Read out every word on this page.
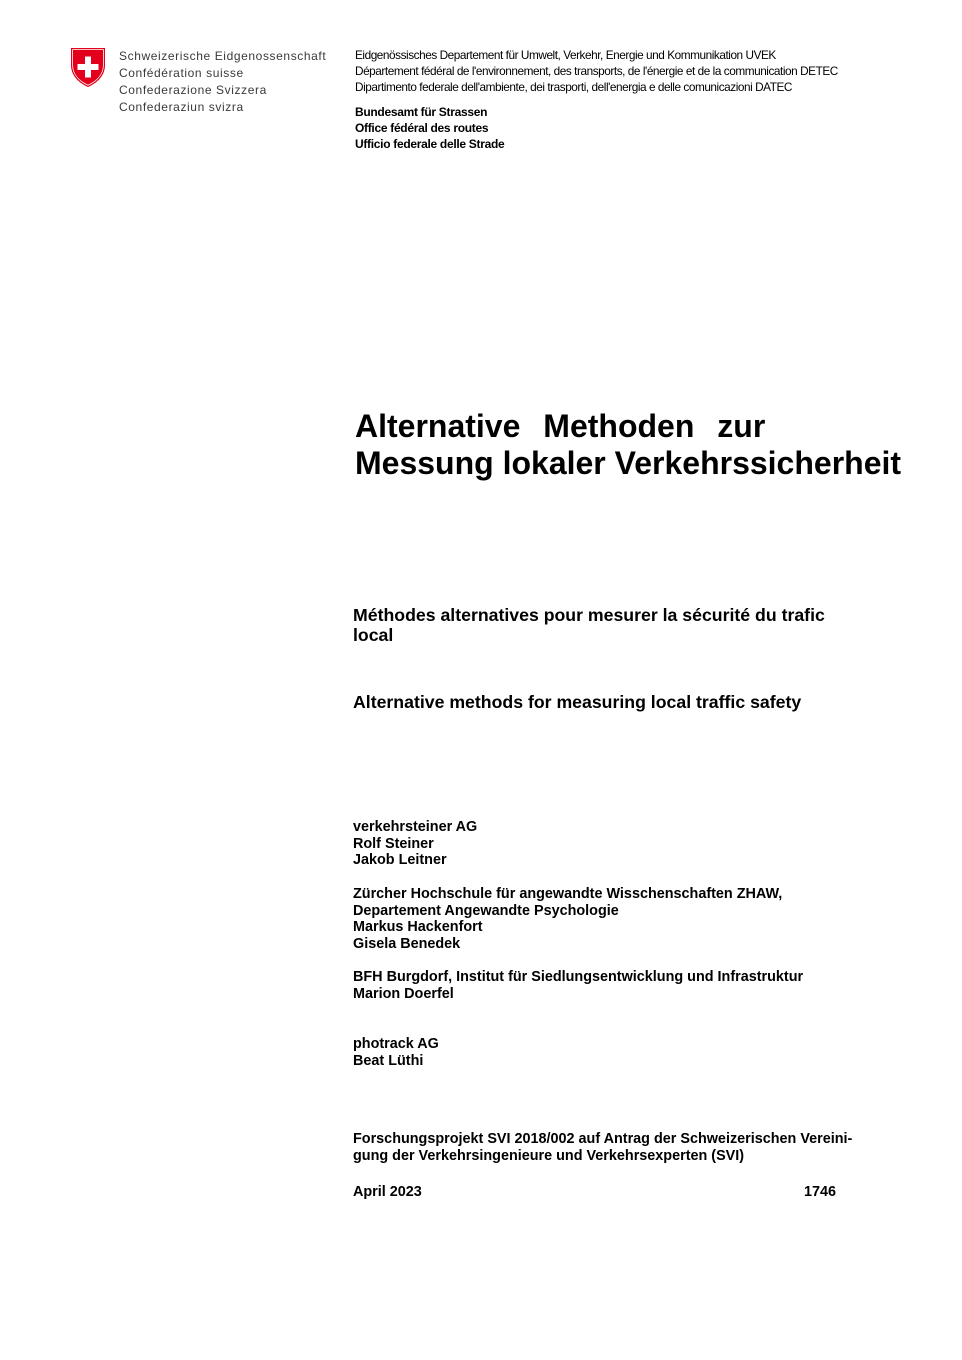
Schweizerische Eidgenossenschaft
Confédération suisse
Confederazione Svizzera
Confederaziun svizra
Eidgenössisches Departement für Umwelt, Verkehr, Energie und Kommunikation UVEK
Département fédéral de l'environnement, des transports, de l'énergie et de la communication DETEC
Dipartimento federale dell'ambiente, dei trasporti, dell'energia e delle comunicazioni DATEC
Bundesamt für Strassen
Office fédéral des routes
Ufficio federale delle Strade
Alternative Methoden zur
Messung lokaler Verkehrssicherheit
Méthodes alternatives pour mesurer la sécurité du trafic
local
Alternative methods for measuring local traffic safety
verkehrsteiner AG
Rolf Steiner
Jakob Leitner
Zürcher Hochschule für angewandte Wisschenschaften ZHAW,
Departement Angewandte Psychologie
Markus Hackenfort
Gisela Benedek
BFH Burgdorf, Institut für Siedlungsentwicklung und Infrastruktur
Marion Doerfel
photrack AG
Beat Lüthi
Forschungsprojekt SVI 2018/002 auf Antrag der Schweizerischen Vereini-
gung der Verkehrsingenieure und Verkehrsexperten (SVI)
April 2023	1746
